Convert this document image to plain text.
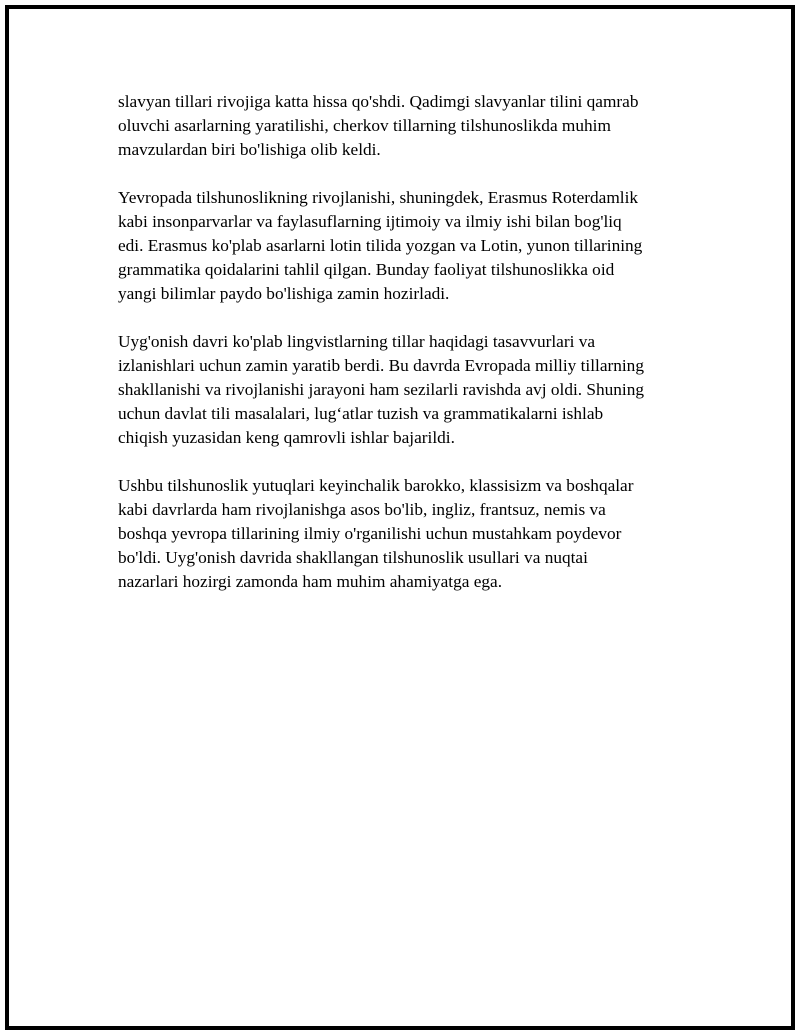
slavyan tillari rivojiga katta hissa qo'shdi. Qadimgi slavyanlar tilini qamrab
oluvchi asarlarning yaratilishi, cherkov tillarning tilshunoslikda muhim
mavzulardan biri bo'lishiga olib keldi.

Yevropada tilshunoslikning rivojlanishi, shuningdek, Erasmus Roterdamlik
kabi insonparvarlar va faylasuflarning ijtimoiy va ilmiy ishi bilan bog'liq
edi. Erasmus ko'plab asarlarni lotin tilida yozgan va Lotin, yunon tillarining
grammatika qoidalarini tahlil qilgan. Bunday faoliyat tilshunoslikka oid
yangi bilimlar paydo bo'lishiga zamin hozirladi.

Uyg'onish davri ko'plab lingvistlarning tillar haqidagi tasavvurlari va
izlanishlari uchun zamin yaratib berdi. Bu davrda Evropada milliy tillarning
shakllanishi va rivojlanishi jarayoni ham sezilarli ravishda avj oldi. Shuning
uchun davlat tili masalalari, lug‘atlar tuzish va grammatikalarni ishlab
chiqish yuzasidan keng qamrovli ishlar bajarildi.

Ushbu tilshunoslik yutuqlari keyinchalik barokko, klassisizm va boshqalar
kabi davrlarda ham rivojlanishga asos bo'lib, ingliz, frantsuz, nemis va
boshqa yevropa tillarining ilmiy o'rganilishi uchun mustahkam poydevor
bo'ldi. Uyg'onish davrida shakllangan tilshunoslik usullari va nuqtai
nazarlari hozirgi zamonda ham muhim ahamiyatga ega.
